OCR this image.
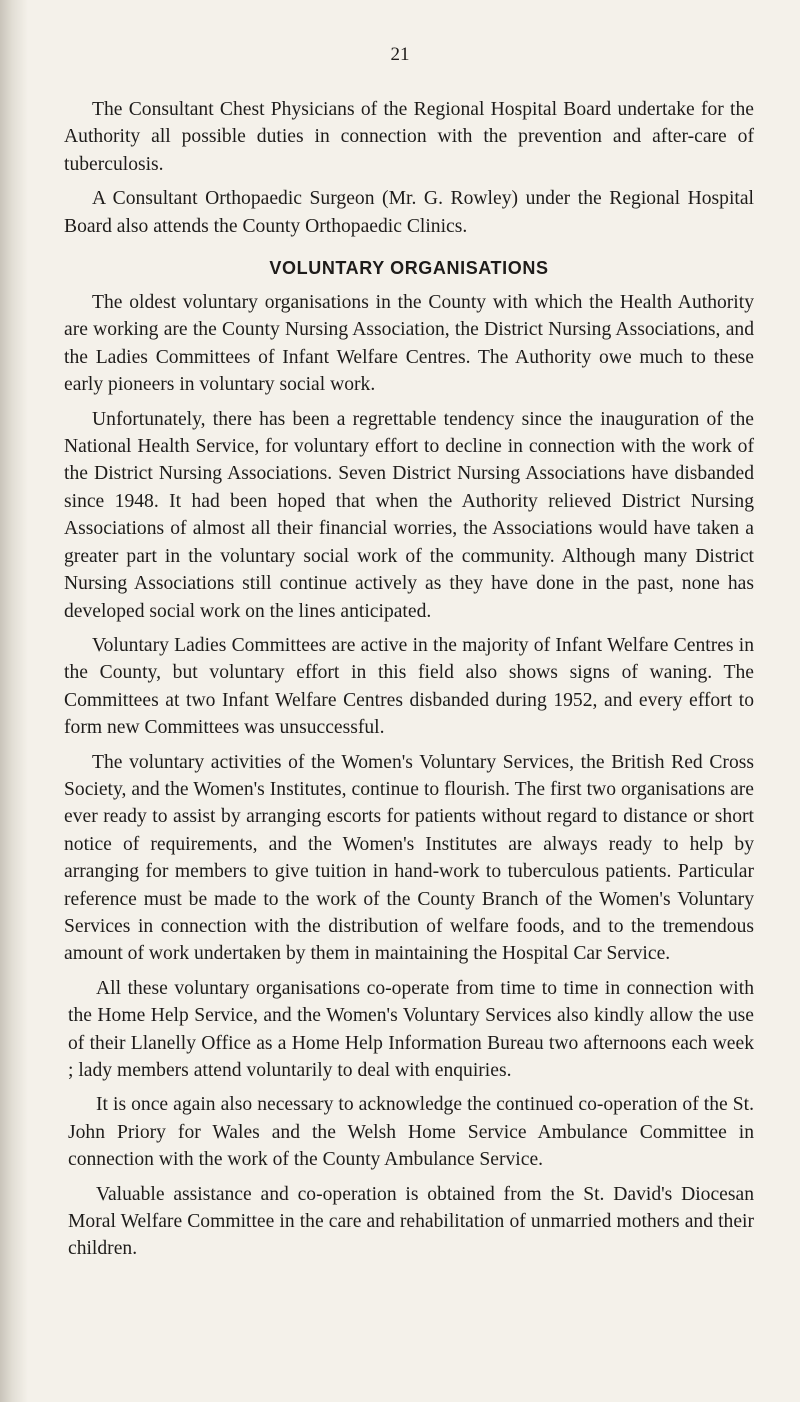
21

The Consultant Chest Physicians of the Regional Hospital Board undertake for the Authority all possible duties in connection with the prevention and after-care of tuberculosis.

A Consultant Orthopaedic Surgeon (Mr. G. Rowley) under the Regional Hospital Board also attends the County Orthopaedic Clinics.

VOLUNTARY ORGANISATIONS

The oldest voluntary organisations in the County with which the Health Authority are working are the County Nursing Association, the District Nursing Associations, and the Ladies Committees of Infant Welfare Centres. The Authority owe much to these early pioneers in voluntary social work.

Unfortunately, there has been a regrettable tendency since the inauguration of the National Health Service, for voluntary effort to decline in connection with the work of the District Nursing Associations. Seven District Nursing Associations have disbanded since 1948. It had been hoped that when the Authority relieved District Nursing Associations of almost all their financial worries, the Associations would have taken a greater part in the voluntary social work of the community. Although many District Nursing Associations still continue actively as they have done in the past, none has developed social work on the lines anticipated.

Voluntary Ladies Committees are active in the majority of Infant Welfare Centres in the County, but voluntary effort in this field also shows signs of waning. The Committees at two Infant Welfare Centres disbanded during 1952, and every effort to form new Committees was unsuccessful.

The voluntary activities of the Women's Voluntary Services, the British Red Cross Society, and the Women's Institutes, continue to flourish. The first two organisations are ever ready to assist by arranging escorts for patients without regard to distance or short notice of requirements, and the Women's Institutes are always ready to help by arranging for members to give tuition in hand-work to tuberculous patients. Particular reference must be made to the work of the County Branch of the Women's Voluntary Services in connection with the distribution of welfare foods, and to the tremendous amount of work undertaken by them in maintaining the Hospital Car Service.

All these voluntary organisations co-operate from time to time in connection with the Home Help Service, and the Women's Voluntary Services also kindly allow the use of their Llanelly Office as a Home Help Information Bureau two afternoons each week ; lady members attend voluntarily to deal with enquiries.

It is once again also necessary to acknowledge the continued co-operation of the St. John Priory for Wales and the Welsh Home Service Ambulance Committee in connection with the work of the County Ambulance Service.

Valuable assistance and co-operation is obtained from the St. David's Diocesan Moral Welfare Committee in the care and rehabilitation of unmarried mothers and their children.
